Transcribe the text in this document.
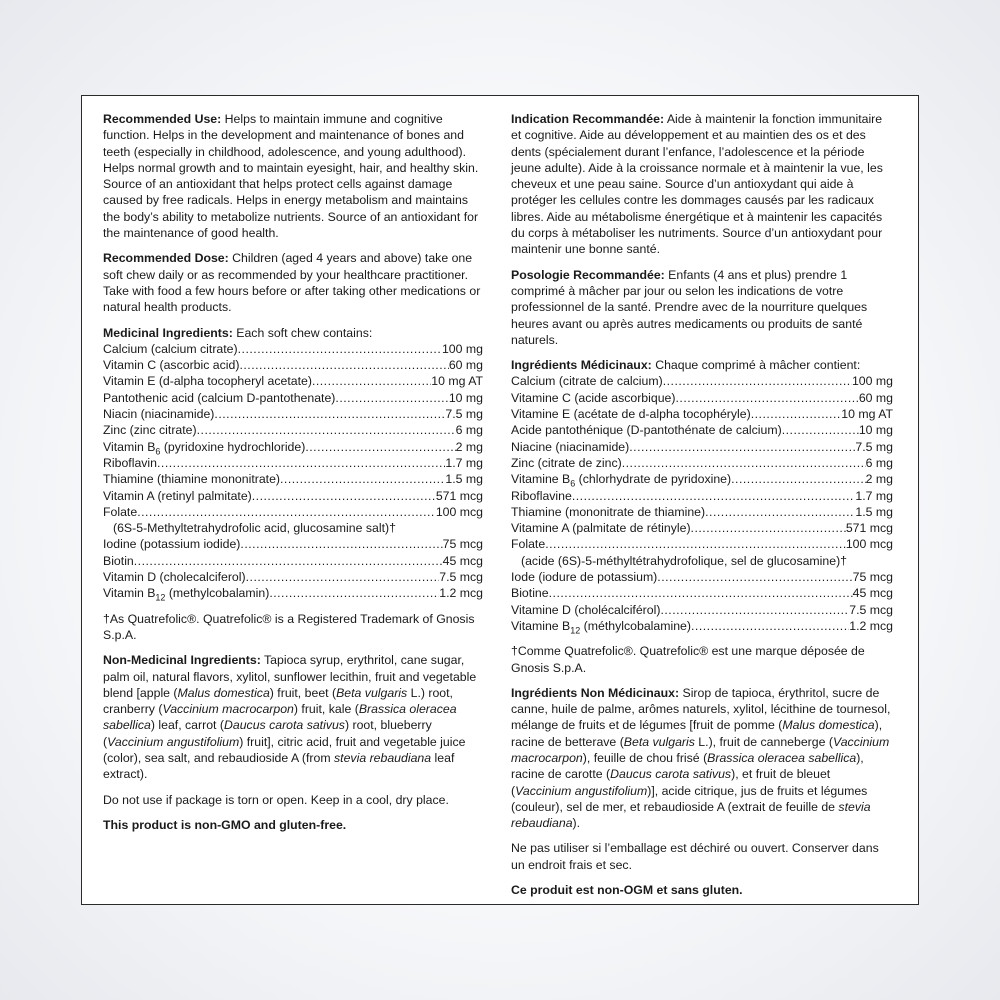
Recommended Use: Helps to maintain immune and cognitive function. Helps in the development and maintenance of bones and teeth (especially in childhood, adolescence, and young adulthood). Helps normal growth and to maintain eyesight, hair, and healthy skin. Source of an antioxidant that helps protect cells against damage caused by free radicals. Helps in energy metabolism and maintains the body’s ability to metabolize nutrients. Source of an antioxidant for the maintenance of good health.

Recommended Dose: Children (aged 4 years and above) take one soft chew daily or as recommended by your healthcare practitioner. Take with food a few hours before or after taking other medications or natural health products.

Medicinal Ingredients: Each soft chew contains:
Calcium (calcium citrate) .....	100 mg
Vitamin C (ascorbic acid) .....	60 mg
Vitamin E (d-alpha tocopheryl acetate) .....	10 mg AT
Pantothenic acid (calcium D-pantothenate) .....	10 mg
Niacin (niacinamide) .....	7.5 mg
Zinc (zinc citrate) .....	6 mg
Vitamin $B_6$ (pyridoxine hydrochloride) .....	2 mg
Riboflavin .....	1.7 mg
Thiamine (thiamine mononitrate) .....	1.5 mg
Vitamin A (retinyl palmitate) .....	571 mcg
Folate .....	100 mcg
(6S-5-Methyltetrahydrofolic acid, glucosamine salt)†
Iodine (potassium iodide) .....	75 mcg
Biotin .....	45 mcg
Vitamin D (cholecalciferol) .....	7.5 mcg
Vitamin $B_{12}$ (methylcobalamin) .....	1.2 mcg

†As Quatrefolic®. Quatrefolic® is a Registered Trademark of Gnosis S.p.A.

Non-Medicinal Ingredients: Tapioca syrup, erythritol, cane sugar, palm oil, natural flavors, xylitol, sunflower lecithin, fruit and vegetable blend [apple (Malus domestica) fruit, beet (Beta vulgaris L.) root, cranberry (Vaccinium macrocarpon) fruit, kale (Brassica oleracea sabellica) leaf, carrot (Daucus carota sativus) root, blueberry (Vaccinium angustifolium) fruit], citric acid, fruit and vegetable juice (color), sea salt, and rebaudioside A (from stevia rebaudiana leaf extract).

Do not use if package is torn or open. Keep in a cool, dry place.

This product is non-GMO and gluten-free.

Indication Recommandée: Aide à maintenir la fonction immunitaire et cognitive. Aide au développement et au maintien des os et des dents (spécialement durant l’enfance, l’adolescence et la période jeune adulte). Aide à la croissance normale et à maintenir la vue, les cheveux et une peau saine. Source d’un antioxydant qui aide à protéger les cellules contre les dommages causés par les radicaux libres. Aide au métabolisme énergétique et à maintenir les capacités du corps à métaboliser les nutriments. Source d’un antioxydant pour maintenir une bonne santé.

Posologie Recommandée: Enfants (4 ans et plus) prendre 1 comprimé à mâcher par jour ou selon les indications de votre professionnel de la santé. Prendre avec de la nourriture quelques heures avant ou après autres medicaments ou produits de santé naturels.

Ingrédients Médicinaux: Chaque comprimé à mâcher contient:
Calcium (citrate de calcium) .....	100 mg
Vitamine C (acide ascorbique) .....	60 mg
Vitamine E (acétate de d-alpha tocophéryle) .....	10 mg AT
Acide pantothénique (D-pantothénate de calcium) .....	10 mg
Niacine (niacinamide) .....	7.5 mg
Zinc (citrate de zinc) .....	6 mg
Vitamine $B_6$ (chlorhydrate de pyridoxine) .....	2 mg
Riboflavine .....	1.7 mg
Thiamine (mononitrate de thiamine) .....	1.5 mg
Vitamine A (palmitate de rétinyle) .....	571 mcg
Folate .....	100 mcg
(acide (6S)-5-méthyltétrahydrofolique, sel de glucosamine)†
Iode (iodure de potassium) .....	75 mcg
Biotine .....	45 mcg
Vitamine D (cholécalciférol) .....	7.5 mcg
Vitamine $B_{12}$ (méthylcobalamine) .....	1.2 mcg

†Comme Quatrefolic®. Quatrefolic® est une marque déposée de Gnosis S.p.A.

Ingrédients Non Médicinaux: Sirop de tapioca, érythritol, sucre de canne, huile de palme, arômes naturels, xylitol, lécithine de tournesol, mélange de fruits et de légumes [fruit de pomme (Malus domestica), racine de betterave (Beta vulgaris L.), fruit de canneberge (Vaccinium macrocarpon), feuille de chou frisé (Brassica oleracea sabellica), racine de carotte (Daucus carota sativus), et fruit de bleuet (Vaccinium angustifolium)], acide citrique, jus de fruits et légumes (couleur), sel de mer, et rebaudioside A (extrait de feuille de stevia rebaudiana).

Ne pas utiliser si l’emballage est déchiré ou ouvert. Conserver dans un endroit frais et sec.

Ce produit est non-OGM et sans gluten.
